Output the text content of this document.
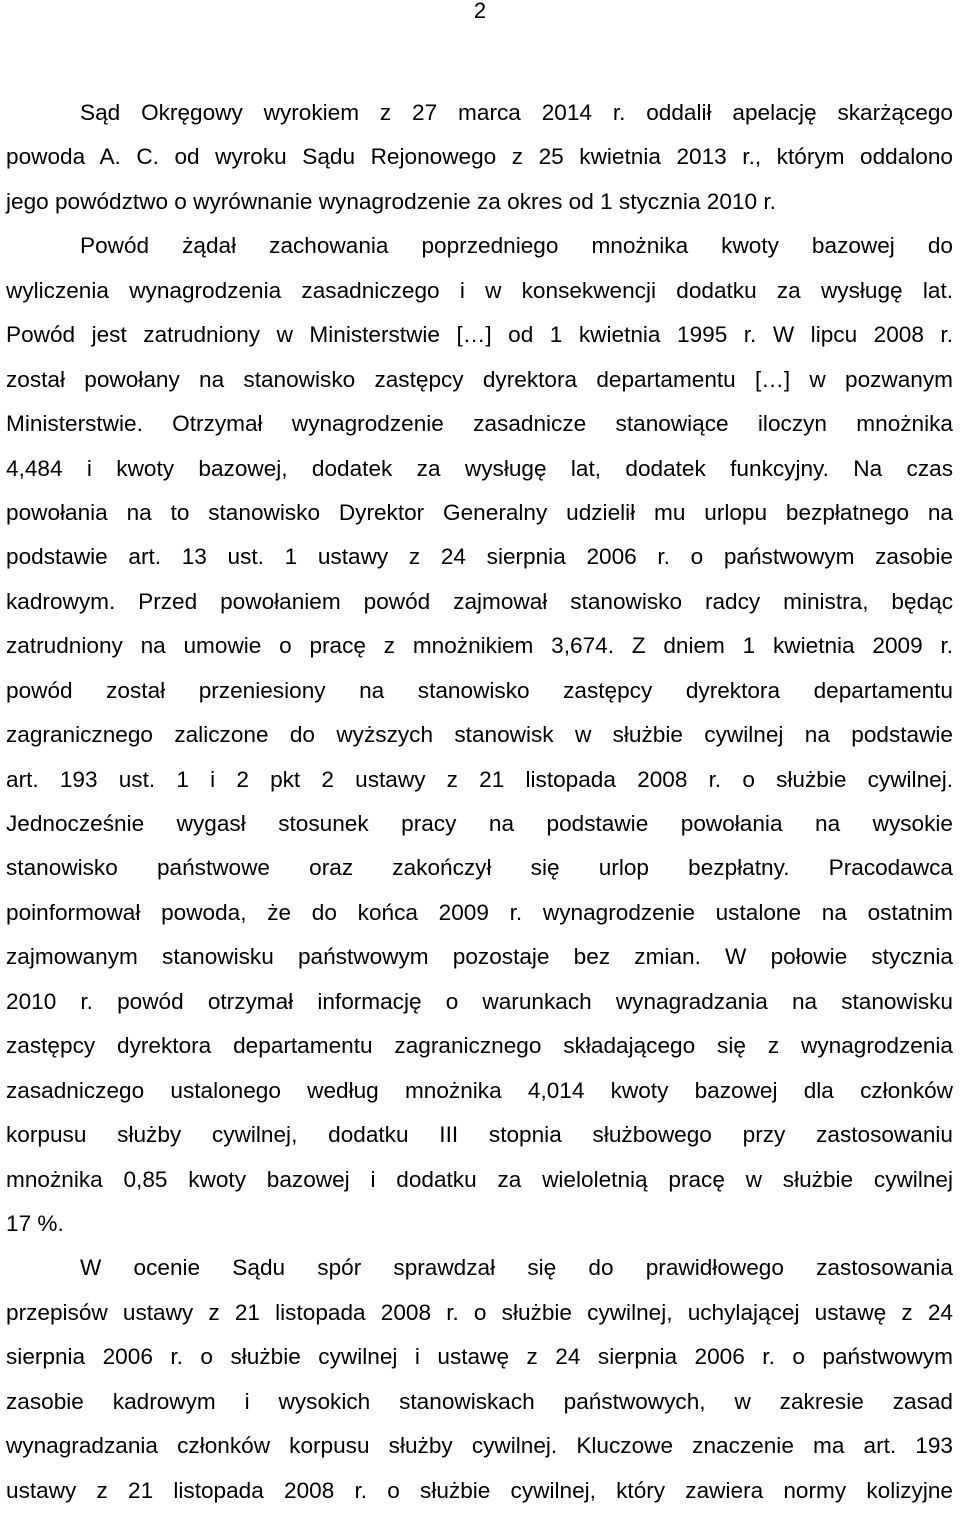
2
Sąd Okręgowy wyrokiem z 27 marca 2014 r. oddalił apelację skarżącego
powoda A. C. od wyroku Sądu Rejonowego z 25 kwietnia 2013 r., którym oddalono
jego powództwo o wyrównanie wynagrodzenie za okres od 1 stycznia 2010 r.
Powód żądał zachowania poprzedniego mnożnika kwoty bazowej do
wyliczenia wynagrodzenia zasadniczego i w konsekwencji dodatku za wysługę lat.
Powód jest zatrudniony w Ministerstwie […] od 1 kwietnia 1995 r. W lipcu 2008 r.
został powołany na stanowisko zastępcy dyrektora departamentu […] w pozwanym
Ministerstwie. Otrzymał wynagrodzenie zasadnicze stanowiące iloczyn mnożnika
4,484 i kwoty bazowej, dodatek za wysługę lat, dodatek funkcyjny. Na czas
powołania na to stanowisko Dyrektor Generalny udzielił mu urlopu bezpłatnego na
podstawie art. 13 ust. 1 ustawy z 24 sierpnia 2006 r. o państwowym zasobie
kadrowym. Przed powołaniem powód zajmował stanowisko radcy ministra, będąc
zatrudniony na umowie o pracę z mnożnikiem 3,674. Z dniem 1 kwietnia 2009 r.
powód został przeniesiony na stanowisko zastępcy dyrektora departamentu
zagranicznego zaliczone do wyższych stanowisk w służbie cywilnej na podstawie
art. 193 ust. 1 i 2 pkt 2 ustawy z 21 listopada 2008 r. o służbie cywilnej.
Jednocześnie wygasł stosunek pracy na podstawie powołania na wysokie
stanowisko państwowe oraz zakończył się urlop bezpłatny. Pracodawca
poinformował powoda, że do końca 2009 r. wynagrodzenie ustalone na ostatnim
zajmowanym stanowisku państwowym pozostaje bez zmian. W połowie stycznia
2010 r. powód otrzymał informację o warunkach wynagradzania na stanowisku
zastępcy dyrektora departamentu zagranicznego składającego się z wynagrodzenia
zasadniczego ustalonego według mnożnika 4,014 kwoty bazowej dla członków
korpusu służby cywilnej, dodatku III stopnia służbowego przy zastosowaniu
mnożnika 0,85 kwoty bazowej i dodatku za wieloletnią pracę w służbie cywilnej
17 %.
W ocenie Sądu spór sprawdzał się do prawidłowego zastosowania
przepisów ustawy z 21 listopada 2008 r. o służbie cywilnej, uchylającej ustawę z 24
sierpnia 2006 r. o służbie cywilnej i ustawę z 24 sierpnia 2006 r. o państwowym
zasobie kadrowym i wysokich stanowiskach państwowych, w zakresie zasad
wynagradzania członków korpusu służby cywilnej. Kluczowe znaczenie ma art. 193
ustawy z 21 listopada 2008 r. o służbie cywilnej, który zawiera normy kolizyjne
